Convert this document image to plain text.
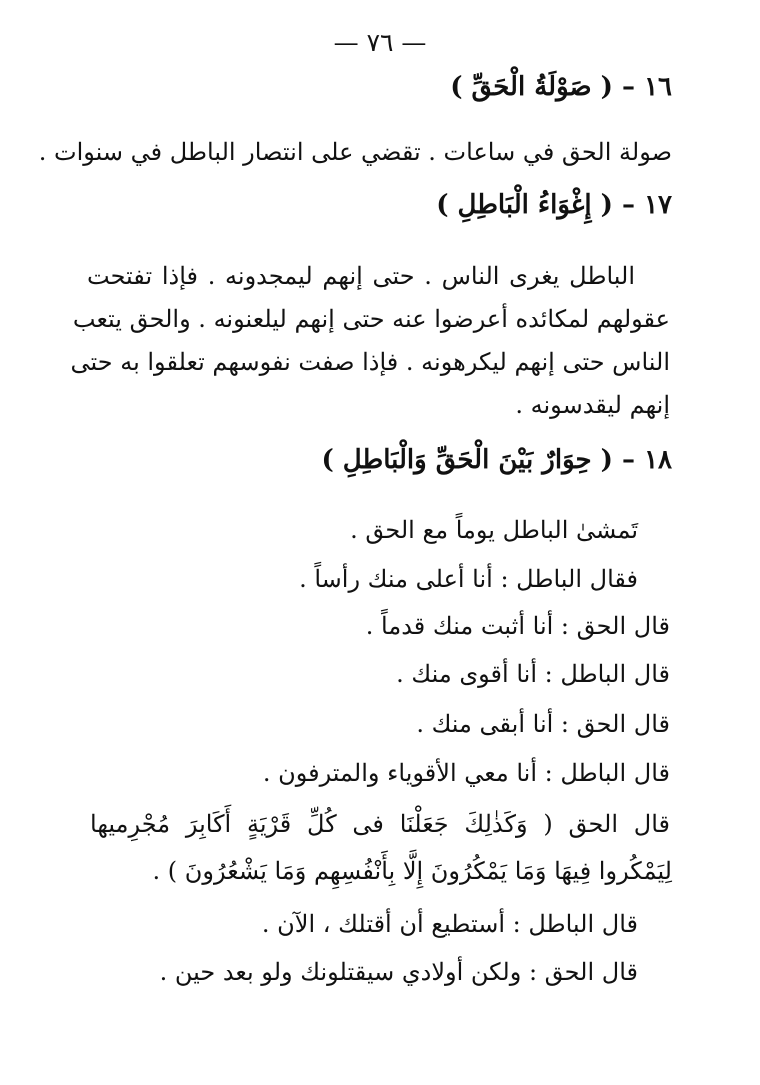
— ٧٦ —
١٦ – ( صَوْلَةُ الْحَقِّ )
صولة الحق في ساعات . تقضي على انتصار الباطل في سنوات .
١٧ – ( إِغْوَاءُ الْبَاطِلِ )
الباطل يغرى الناس . حتى إنهم ليمجدونه . فإذا تفتحت
عقولهم لمكائده أعرضوا عنه حتى إنهم ليلعنونه . والحق يتعب
الناس حتى إنهم ليكرهونه . فإذا صفت نفوسهم تعلقوا به حتى
إنهم ليقدسونه .
١٨ – ( حِوَارٌ بَيْنَ الْحَقِّ وَالْبَاطِلِ )
تَمشىٰ الباطل يوماً مع الحق .
فقال الباطل : أنا أعلى منك رأساً .
قال الحق : أنا أثبت منك قدماً .
قال الباطل : أنا أقوى منك .
قال الحق : أنا أبقى منك .
قال الباطل : أنا معي الأقوياء والمترفون .
قال الحق ( وَكَذٰلِكَ جَعَلْنَا فى كُلِّ قَرْيَةٍ أَكَابِرَ مُجْرِميها
لِيَمْكُروا فِيهَا وَمَا يَمْكُرُونَ إِلَّا بِأَنْفُسِهِم وَمَا يَشْعُرُونَ ) .
قال الباطل : أستطيع أن أقتلك ، الآن .
قال الحق : ولكن أولادي سيقتلونك ولو بعد حين .
